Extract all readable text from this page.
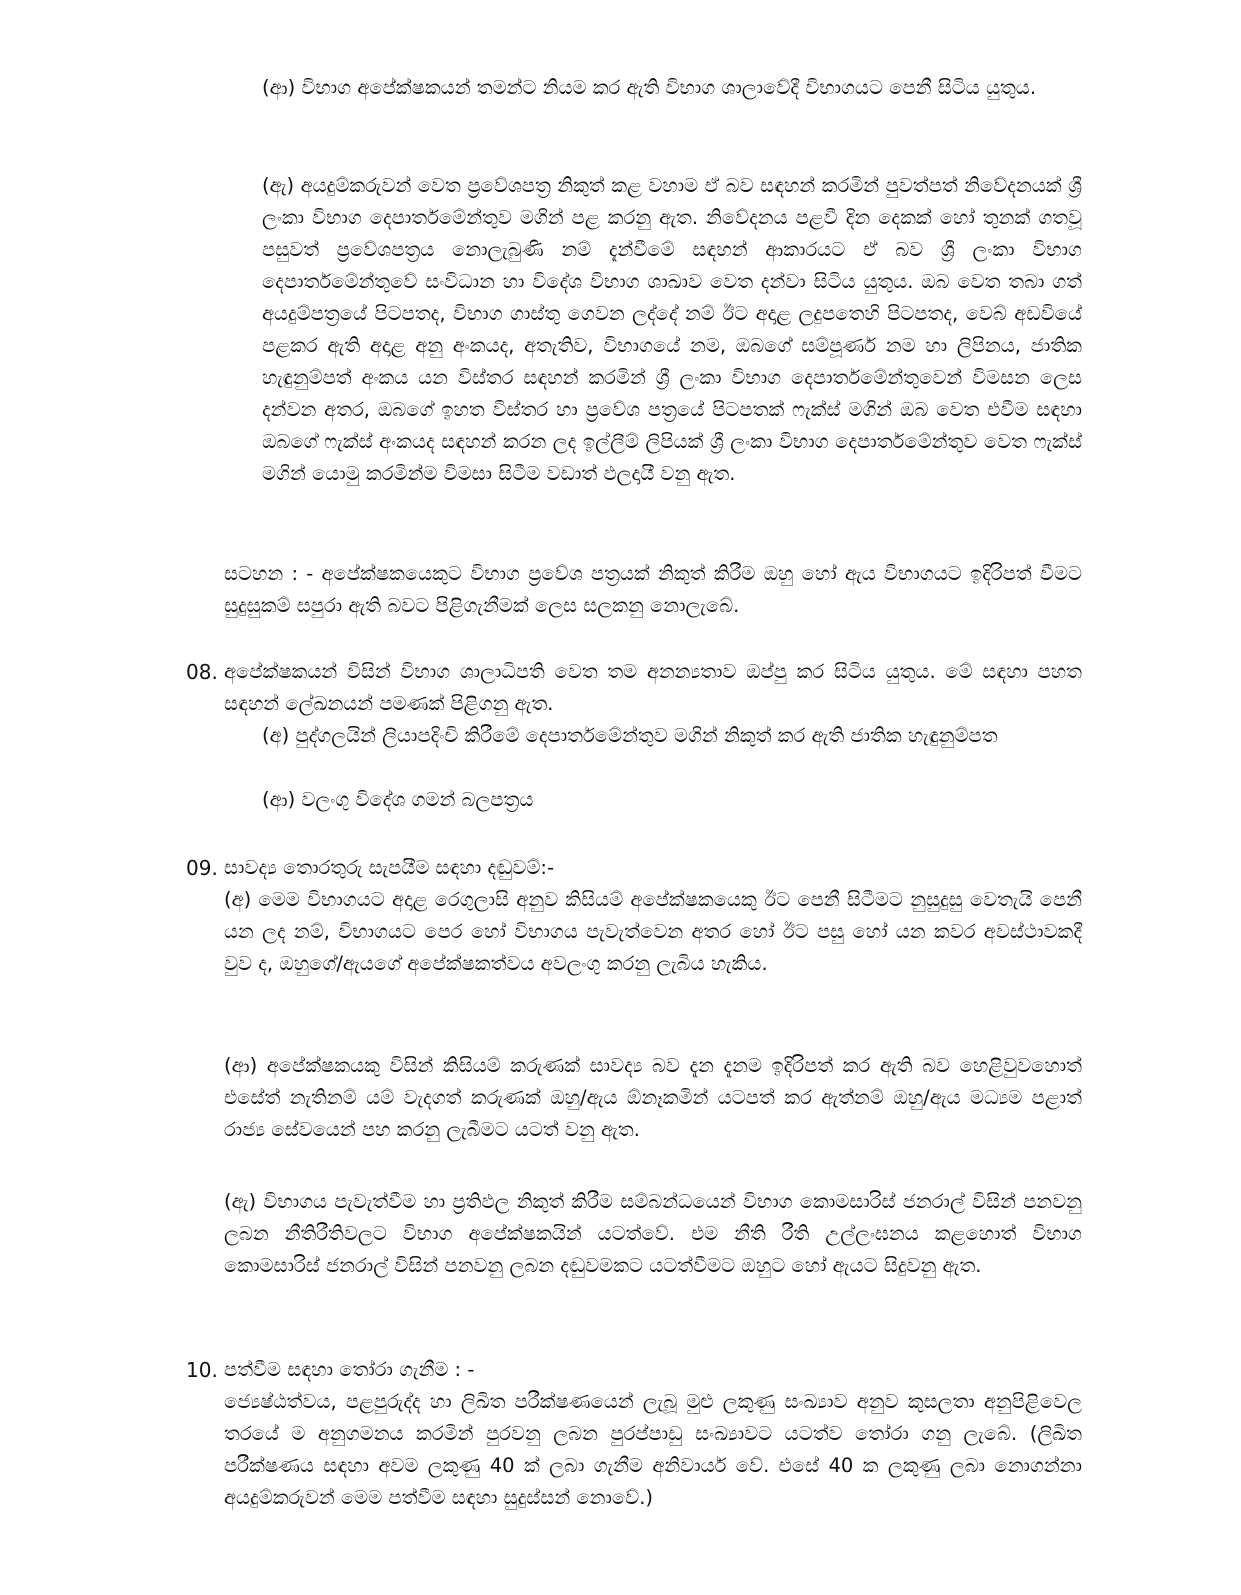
(ආ) විභාග අපේක්ෂකයන් තමන්ට නියම කර ඇති විභාග ශාලාවේදී විභාගයට පෙනී සිටිය යුතුය.
(ඇ) අයදුම්කරුවන් වෙත ප්‍රවේශපත්‍ර නිකුත් කළ වහාම ඒ බව සඳහන් කරමින් පුවත්පත් නිවේදනයක් ශ්‍රී ලංකා විභාග දෙපාර්තමේන්තුව මගින් පළ කරනු ඇත. නිවේදනය පළවී දින දෙකක් හෝ තුනක් ගතවූ පසුවත් ප්‍රවේශපත්‍රය නොලැබුණි නම් දැන්වීමේ සඳහන් ආකාරයට ඒ බව ශ්‍රී ලංකා විභාග දෙපාර්තමේන්තුවේ සංවිධාන හා විදේශ විභාග ශාඛාව වෙත දන්වා සිටිය යුතුය. ඔබ වෙත තබා ගත් අයදුම්පත්‍රයේ පිටපතද, විභාග ගාස්තු ගෙවන ලද්දේ නම් ඊට අදාළ ලදුපතෙහි පිටපතද, වෙබ් අඩවියේ පළකර ඇති අදාළ අනු අංකයද, අතැතිව, විභාගයේ නම, ඔබගේ සම්පූර්ණ නම හා ලිපිනය, ජාතික හැඳුනුම්පත් අංකය යන විස්තර සඳහන් කරමින් ශ්‍රී ලංකා විභාග දෙපාර්තමේන්තුවෙන් විමසන ලෙස දන්වන අතර, ඔබගේ ඉහත විස්තර හා ප්‍රවේශ පත්‍රයේ පිටපතක් ෆැක්ස් මගින් ඔබ වෙත එවීම සඳහා ඔබගේ ෆැක්ස් අංකයද සඳහන් කරන ලද ඉල්ලීම් ලිපියක් ශ්‍රී ලංකා විභාග දෙපාර්තමේන්තුව වෙත ෆැක්ස් මගින් යොමු කරමින්ම විමසා සිටීම වඩාත් ඵලදායී වනු ඇත.
සටහන : - අපේක්ෂකයෙකුට විභාග ප්‍රවේශ පත්‍රයක් නිකුත් කිරීම ඔහු හෝ ඇය විභාගයට ඉදිරිපත් වීමට සුදුසුකම් සපුරා ඇති බවට පිළිගැනීමක් ලෙස සලකනු නොලැබේ.
08. අපේක්ෂකයන් විසින් විභාග ශාලාධිපති වෙත තම අනන්‍යතාව ඔප්පු කර සිටිය යුතුය. මේ සඳහා පහත සඳහන් ලේඛනයන් පමණක් පිළිගනු ඇත.
(අ) පුද්ගලයින් ලියාපදිංචි කිරීමේ දෙපාර්තමේන්තුව මගින් නිකුත් කර ඇති ජාතික හැඳුනුම්පත
(ආ) වලංගු විදේශ ගමන් බලපත්‍රය
09. සාවද්‍ය තොරතුරු සැපයීම සඳහා දඬුවම්:-
(අ) මෙම විභාගයට අදාළ රෙගුලාසි අනුව කිසියම් අපේක්ෂකයෙකු ඊට පෙනී සිටීමට නුසුදුසු වෙතැයි පෙනී යන ලද නම්, විභාගයට පෙර හෝ විභාගය පැවැත්වෙන අතර හෝ ඊට පසු හෝ යන කවර අවස්ථාවකදී වුව ද, ඔහුගේ/ඇයගේ අපේක්ෂකත්වය අවලංගු කරනු ලැබිය හැකිය.
(ආ) අපේක්ෂකයකු විසින් කිසියම් කරුණක් සාවද්‍ය බව දැන දැනම ඉදිරිපත් කර ඇති බව හෙළිවුවහොත් එසේත් නැතිනම් යම් වැදගත් කරුණක් ඔහු/ඇය ඕනෑකමින් යටපත් කර ඇත්නම් ඔහු/ඇය මධ්‍යම පළාත් රාජ්‍ය සේවයෙන් පහ කරනු ලැබීමට යටත් වනු ඇත.
(ඇ) විභාගය පැවැත්වීම හා ප්‍රතිඵල නිකුත් කිරීම සම්බන්ධයෙන් විභාග කොමසාරිස් ජනරාල් විසින් පනවනු ලබන නීතිරීතිවලට විභාග අපේක්ෂකයින් යටත්වේ. එම නීති රීති උල්ලංඝනය කළහොත් විභාග කොමසාරිස් ජනරාල් විසින් පනවනු ලබන දඬුවමකට යටත්වීමට ඔහුට හෝ ඇයට සිදුවනු ඇත.
10. පත්වීම සඳහා තෝරා ගැනීම : -
ජ්‍යෙෂ්ඨත්වය, පළපුරුද්ද හා ලිඛිත පරීක්ෂණයෙන් ලැබූ මුළු ලකුණු සංඛ්‍යාව අනුව කුසලතා අනුපිළිවෙල තරයේ ම අනුගමනය කරමින් පුරවනු ලබන පුරප්පාඩු සංඛ්‍යාවට යටත්ව තෝරා ගනු ලැබේ. (ලිඛිත පරීක්ෂණය සඳහා අවම ලකුණු 40 ක් ලබා ගැනීම අනිවාර්ය වේ. එසේ 40 ක ලකුණු ලබා නොගන්නා අයදුම්කරුවන් මෙම පත්වීම සඳහා සුදුස්සන් නොවේ.)
